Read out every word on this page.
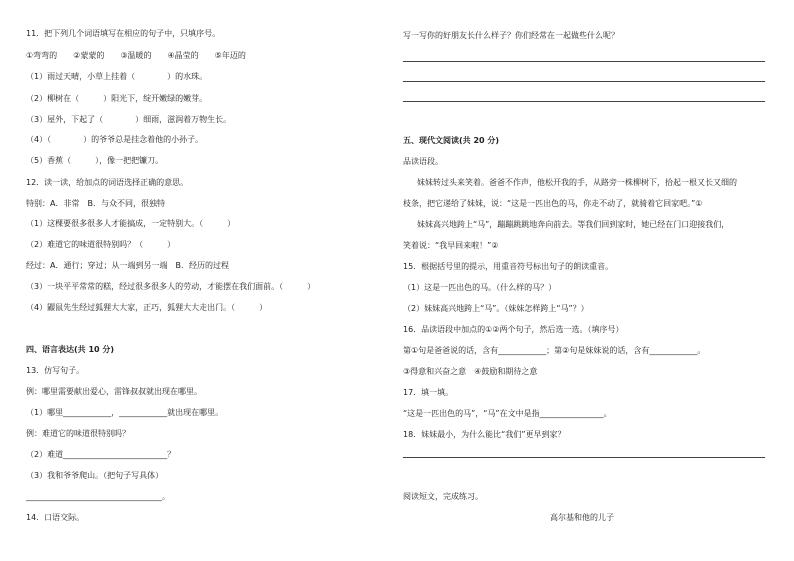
11．把下列几个词语填写在相应的句子中，只填序号。
①弯弯的　　②蒙蒙的　　③温暖的　　④晶莹的　　⑤年迈的
（1）雨过天晴，小草上挂着（　　　　）的水珠。
（2）柳树在（　　　）阳光下，绽开嫩绿的嫩芽。
（3）屋外，下起了（　　　　）细雨，滋润着万物生长。
（4）（　　　　）的爷爷总是挂念着他的小孙子。
（5）香蕉（　　　），像一把把镰刀。
12．读一读，给加点的词语选择正确的意思。
特别：A．非常　B．与众不同，很独特
（1）这棵要很多很多人才能搞成，一定特别大。（　　　）
（2）难道它的味道很特别吗？（　　　）
经过：A．通行；穿过；从一端到另一端　B．经历的过程
（3）一块平平常常的糕，经过很多很多人的劳动，才能摆在我们面前。（　　　）
（4）鼹鼠先生经过狐狸大大家，正巧，狐狸大大走出门。（　　　）
四、语言表达(共 10 分)
13．仿写句子。
例：哪里需要献出爱心，雷锋叔叔就出现在哪里。
（1）哪里____________，____________就出现在哪里。
例：难道它的味道很特别吗？
（2）难道__________________________？
（3）我和爷爷爬山。（把句子写具体）
__________________________________。
14．口语交际。
写一写你的好朋友长什么样子？你们经常在一起做些什么呢？
五、现代文阅读(共 20 分)
品读语段。
妹妹转过头来笑着。爸爸不作声，他松开我的手，从路旁一株柳树下，拾起一根又长又细的
枝条，把它递给了妹妹，说：“这是一匹出色的马，你走不动了，就骑着它回家吧。”①
妹妹高兴地跨上“马”，蹦蹦跳跳地奔向前去。等我们回到家时，她已经在门口迎接我们，
笑着说：“我早回来啦！”②
15．根据括号里的提示，用重音符号标出句子的朗读重音。
（1）这是一匹出色的马。（什么样的马？）
（2）妹妹高兴地跨上“马”。（妹妹怎样跨上“马”？）
16．品读语段中加点的①②两个句子，然后选一选。（填序号）
第①句是爸爸说的话，含有____________；第②句是妹妹说的话，含有____________。
③得意和兴奋之意　④鼓励和期待之意
17．填一填。
“这是一匹出色的马”，“马”在文中是指________________。
18．妹妹最小，为什么能比“我们”更早到家？
阅读短文，完成练习。
高尔基和他的儿子
